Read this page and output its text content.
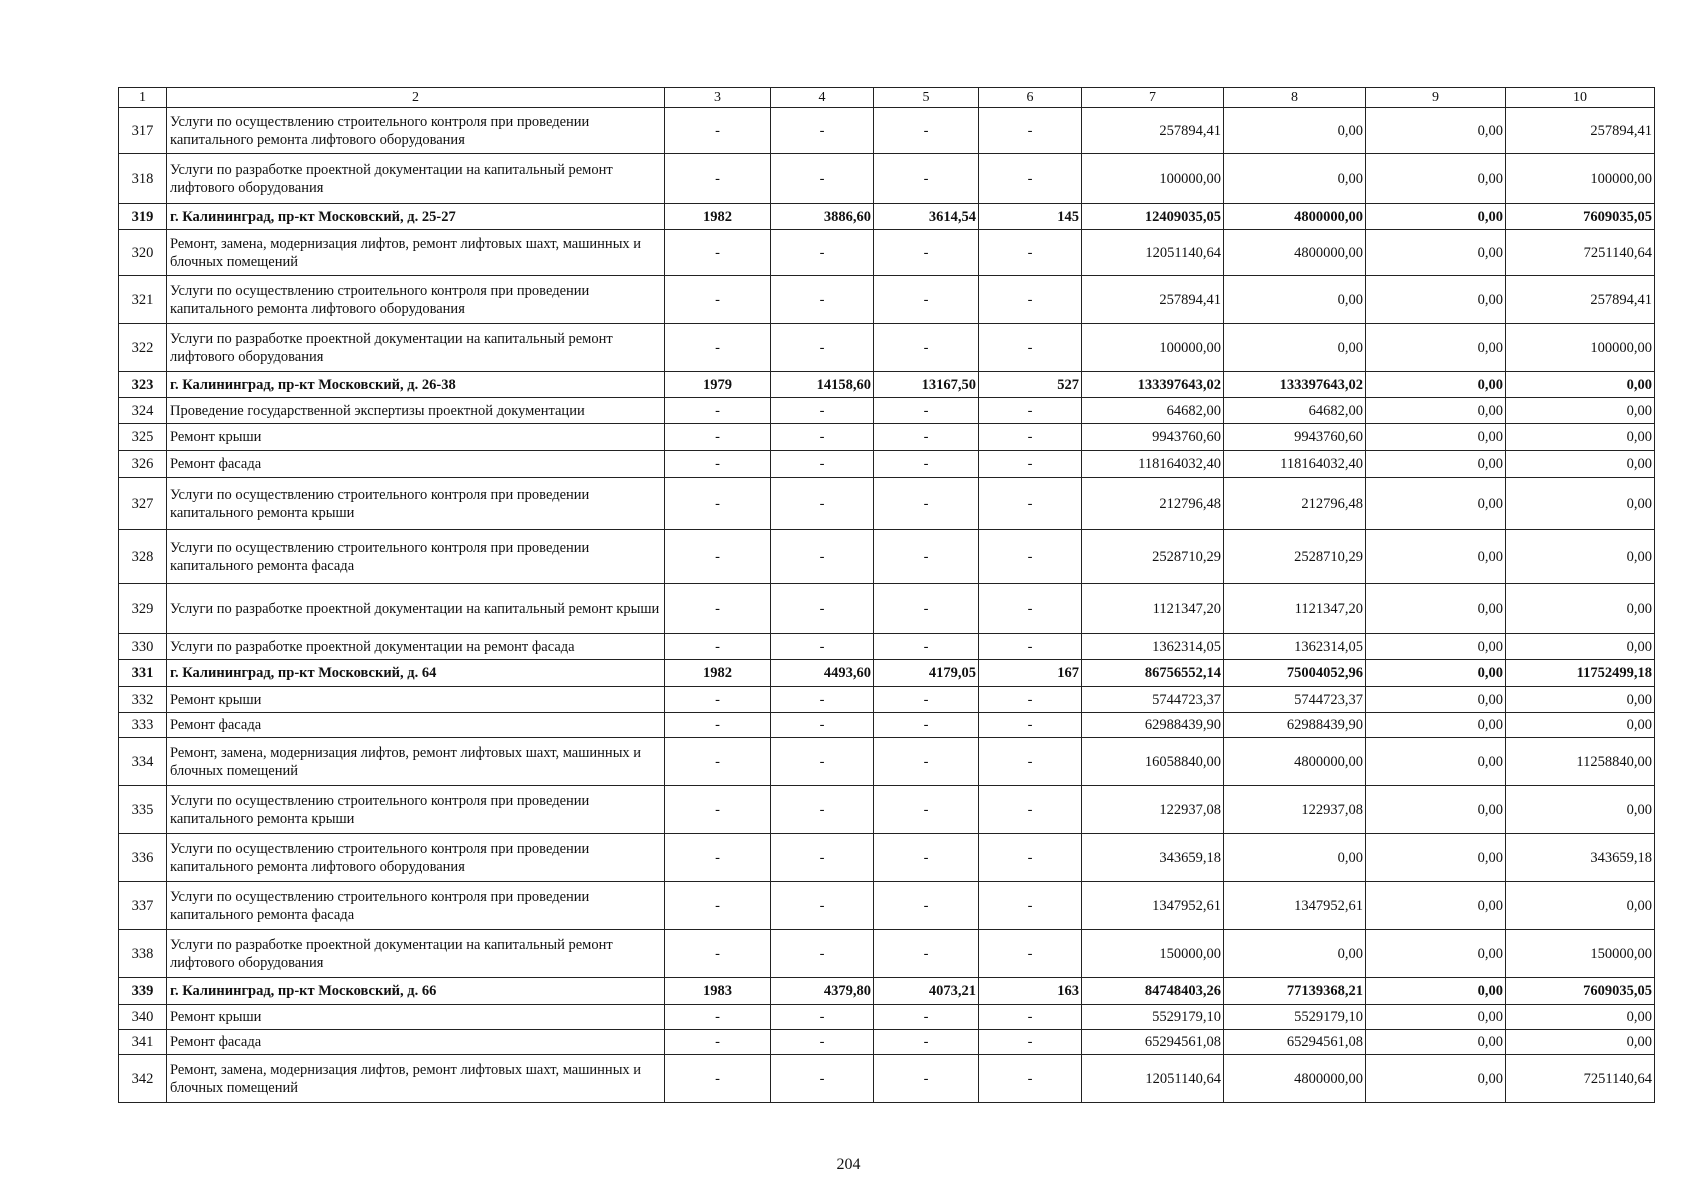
1	2	3	4	5	6	7	8	9	10
317	Услуги по осуществлению строительного контроля при проведении капитального ремонта лифтового оборудования	-	-	-	-	257894,41	0,00	0,00	257894,41
318	Услуги по разработке проектной документации на капитальный ремонт лифтового оборудования	-	-	-	-	100000,00	0,00	0,00	100000,00
319	г. Калининград, пр-кт Московский, д. 25-27	1982	3886,60	3614,54	145	12409035,05	4800000,00	0,00	7609035,05
320	Ремонт, замена, модернизация лифтов, ремонт лифтовых шахт, машинных и блочных помещений	-	-	-	-	12051140,64	4800000,00	0,00	7251140,64
321	Услуги по осуществлению строительного контроля при проведении капитального ремонта лифтового оборудования	-	-	-	-	257894,41	0,00	0,00	257894,41
322	Услуги по разработке проектной документации на капитальный ремонт лифтового оборудования	-	-	-	-	100000,00	0,00	0,00	100000,00
323	г. Калининград, пр-кт Московский, д. 26-38	1979	14158,60	13167,50	527	133397643,02	133397643,02	0,00	0,00
324	Проведение государственной экспертизы проектной документации	-	-	-	-	64682,00	64682,00	0,00	0,00
325	Ремонт крыши	-	-	-	-	9943760,60	9943760,60	0,00	0,00
326	Ремонт фасада	-	-	-	-	118164032,40	118164032,40	0,00	0,00
327	Услуги по осуществлению строительного контроля при проведении капитального ремонта крыши	-	-	-	-	212796,48	212796,48	0,00	0,00
328	Услуги по осуществлению строительного контроля при проведении капитального ремонта фасада	-	-	-	-	2528710,29	2528710,29	0,00	0,00
329	Услуги по разработке проектной документации на капитальный ремонт крыши	-	-	-	-	1121347,20	1121347,20	0,00	0,00
330	Услуги по разработке проектной документации на ремонт фасада	-	-	-	-	1362314,05	1362314,05	0,00	0,00
331	г. Калининград, пр-кт Московский, д. 64	1982	4493,60	4179,05	167	86756552,14	75004052,96	0,00	11752499,18
332	Ремонт крыши	-	-	-	-	5744723,37	5744723,37	0,00	0,00
333	Ремонт фасада	-	-	-	-	62988439,90	62988439,90	0,00	0,00
334	Ремонт, замена, модернизация лифтов, ремонт лифтовых шахт, машинных и блочных помещений	-	-	-	-	16058840,00	4800000,00	0,00	11258840,00
335	Услуги по осуществлению строительного контроля при проведении капитального ремонта крыши	-	-	-	-	122937,08	122937,08	0,00	0,00
336	Услуги по осуществлению строительного контроля при проведении капитального ремонта лифтового оборудования	-	-	-	-	343659,18	0,00	0,00	343659,18
337	Услуги по осуществлению строительного контроля при проведении капитального ремонта фасада	-	-	-	-	1347952,61	1347952,61	0,00	0,00
338	Услуги по разработке проектной документации на капитальный ремонт лифтового оборудования	-	-	-	-	150000,00	0,00	0,00	150000,00
339	г. Калининград, пр-кт Московский, д. 66	1983	4379,80	4073,21	163	84748403,26	77139368,21	0,00	7609035,05
340	Ремонт крыши	-	-	-	-	5529179,10	5529179,10	0,00	0,00
341	Ремонт фасада	-	-	-	-	65294561,08	65294561,08	0,00	0,00
342	Ремонт, замена, модернизация лифтов, ремонт лифтовых шахт, машинных и блочных помещений	-	-	-	-	12051140,64	4800000,00	0,00	7251140,64
204
